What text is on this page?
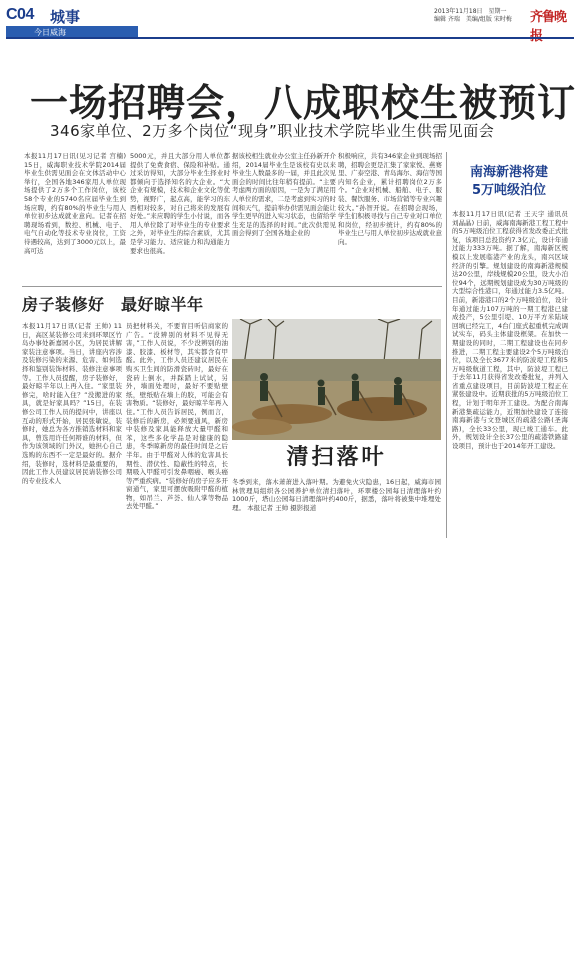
C04 城事
今日威海
2013年11月18日　星期一
编辑 齐瑞　美编/组版 宋时梅	齐鲁晚
一场招聘会，八成职校生被预订
346家单位、2万多个岗位“现身”职业技术学院毕业生供需见面会
本报11月17日讯(见习记者 宫楠) 15日，威海职业技术学院2014届毕业生供需见面会在文体活动中心举行，全国各地346家用人单位现场提供了2万多个工作岗位，该校58个专业的5740名应届毕业生到场应聘，约有80%的毕业生与用人单位初步达成就业意向。记者在招聘现场看到，数控、机械、电子、电气自动化等技术专业岗位，工资待遇较高，达到了3000元以上，最高可达
5000元，并且大部分用人单位都提供了免费食宿、保险和补贴。通过采访得知，大部分毕业生择业时都倾向于选择知名的大企业。“大企业有规模，技术和企业文化等优势，视野广，起点高，能学习的东西相对较多，对自己将来的发展有好处。”来应聘的学生小付说，而各用人单位除了对毕业生的专业要求之外，对毕业生的综合素质，尤其是学习能力、适应能力和沟通能力要求也很高。
据该校相生就业办公室主任孙新开介绍，2014届毕业生是该校有史以来毕业生人数最多的一届，并且此次见面会的时间比往年稍有提前。“主要考虑两方面的原因，一是为了满足用人单位的需求，二是考虑到实习的时间和天气，提前举办供需见面会能让学生更早的进入实习状态，也留给学生充足的选择的时间。”此次供需见面会得到了全国各地企业的
积极响应，共有346家企业到现场招聘，招聘会更是汇集了家家悦、燕赛里、广泰空港、青岛海尔、海信等国内知名企业，累计招聘岗位2万多个。“企业对机械、船舶、电子、服装、餐饮服务、市场营销等专业兴趣较大。”孙智开说。在招聘会现场，学生们积极寻找与自己专业对口单位和岗位，经初步统计，约有80%的毕业生已与用人单位初步达成就业意向。
南海新港将建
5万吨级泊位
本报11月17日讯(记者 王天宇 通讯员 刘晶晶) 日前，威海南海新港工程工程中的5万吨级泊位工程获得省发改委正式批复，该项目总投资约7.3亿元，设计年通过能力333万吨。据了解，南海新区规模以上发展临港产业的龙头，南兴区域经济的引擎。规划建设的南海新港规模达20公里，岸线规模20公里，设大小泊位94个，远期规划建设成为30万吨级的大型综合性港口，年通过能力3.5亿吨。目前，新港港口的2个万吨级泊位，设计年通过能力107万吨的一期工程港已建成投产，5公里引堤、10万平方米陆域回填已经完工，4台门座式起重机完成调试实车，码头主体建设框架。在加快一期建设的同时，二期工程建设也在同步推进，二期工程主要建设2个5万吨级泊位，以及全长3677米的防波堤工程和5万吨级航道工程，其中，防波堤工程已于去年11月获得省发改委批复，并列入省重点建设项目，目前防波堤工程正在紧张建设中。近期获批的5万吨级泊位工程，计划于明年开工建设。为配合南海新港集疏运能力，近期加快建设了连接南海新港与文登城区的疏港公路(圣海路)，全长33公里，现已竣工通车。此外，规划设计全长37公里的疏港铁路建设项目，预计也于2014年开工建设。
房子装修好　最好晾半年
本报11月17日讯(记者 王帅) 11日，高区某装修公司来到环翠区竹岛办事处新嘉园小区，为居民讲解家装注意事项。当日，讲座内容涉及装修污染的来源、危害、如何选择和鉴别装饰材料、装修注意事项等。工作人员提醒，房子装修好，最好晾半年以上再入住。“家里装修完，啥时能入住？”没搬进的家具，就是好家具吗？”15日，在装修公司工作人员的提问中，讲座以互动的形式开始，居民张敏说，装修时，她总为各方推销选材料和家具，曾选用许任何辩谁的材料，但作为该领域的门外汉，她担心自己选购的东西不一定是最好的。据介绍，装修时，选材料是最重要的，因此工作人员建议居民请装修公司的专业技术人
员把材料关，不要盲目听信商家的广告。“没辨别的材料不见得无害，”工作人员说，不少没辨别的油漆、胶漆、板材等，其实都含有甲醛。此外，工作人员还建议居民在购买卫生间的防滑瓷砖时，最好在瓷砖上倒水，并踩踏上试试，另外，墙面处理时，最好不要贴壁纸，壁纸贴在墙上的胶，可能会有害物质。“装修好，最好晾半年再入住。”工作人员告诉居民，例而言，装修后的新房，必须要通风，新房中装修及家具能释放大量甲醛和苯，这些多化学品是对健康的隐患，冬季晾新房的最佳时间是之后半年。由于甲醛对人体的危害具长期性、潜伏性、隐蔽性的特点，长期吸入甲醛可引发鼻咽癌、喉头癌等严重疾病。“装修好的房子应多开窗通气，家里可摆放吸附甲醛的植物，如吊兰、芦荟、仙人掌等物品去处甲醛。”
清扫落叶
冬季到来，落木萧萧进入落叶期。为避免火灾隐患，16日起，威海市园林管理局组织各公园养护单位清扫落叶，环翠楼公园每日清理落叶约1000斤，塔山公园每日清理落叶约400斤，据悉，落叶将被集中堆埋处理。 本报记者 王帅 摄影报道
